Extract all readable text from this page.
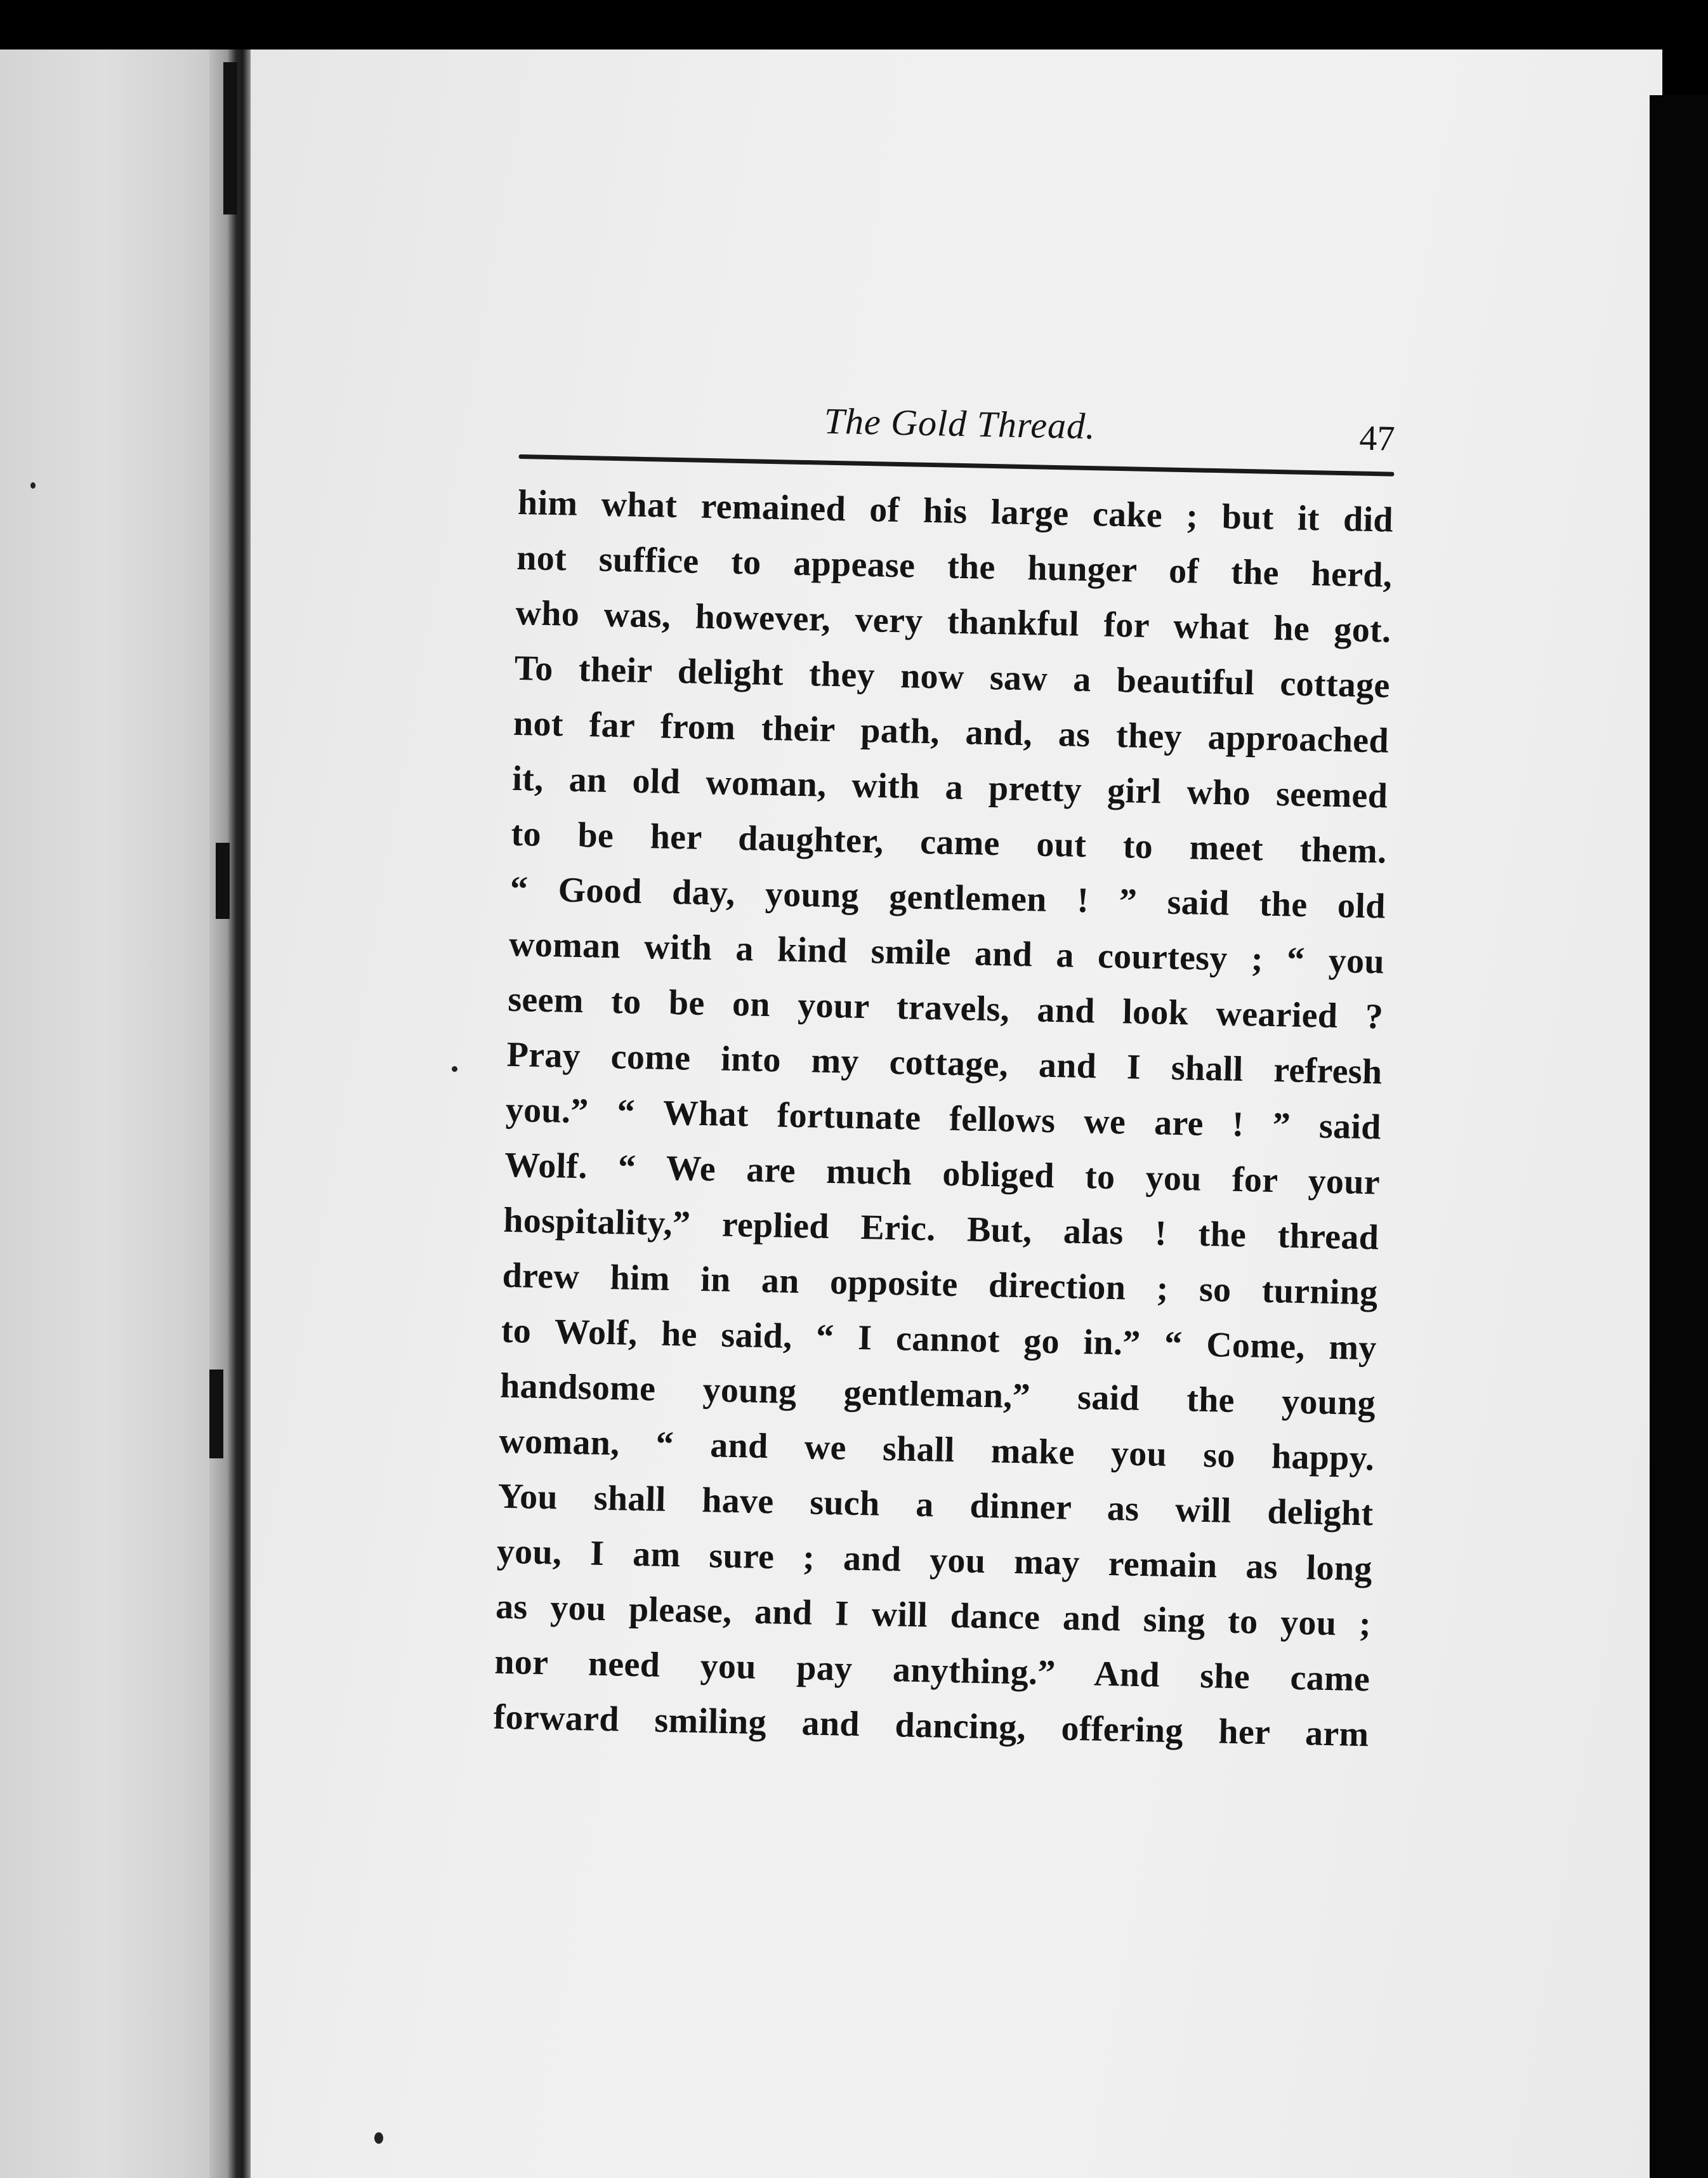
The Gold Thread.	47
him what remained of his large cake ; but it did
not suffice to appease the hunger of the herd,
who was, however, very thankful for what he got.
To their delight they now saw a beautiful cottage
not far from their path, and, as they approached
it, an old woman, with a pretty girl who seemed
to be her daughter, came out to meet them.
“ Good day, young gentlemen ! ” said the old
woman with a kind smile and a courtesy ; “ you
seem to be on your travels, and look wearied ?
Pray come into my cottage, and I shall refresh
you.” “ What fortunate fellows we are ! ” said
Wolf. “ We are much obliged to you for your
hospitality,” replied Eric. But, alas ! the thread
drew him in an opposite direction ; so turning
to Wolf, he said, “ I cannot go in.” “ Come, my
handsome young gentleman,” said the young
woman, “ and we shall make you so happy.
You shall have such a dinner as will delight
you, I am sure ; and you may remain as long
as you please, and I will dance and sing to you ;
nor need you pay anything.” And she came
forward smiling and dancing, offering her arm
